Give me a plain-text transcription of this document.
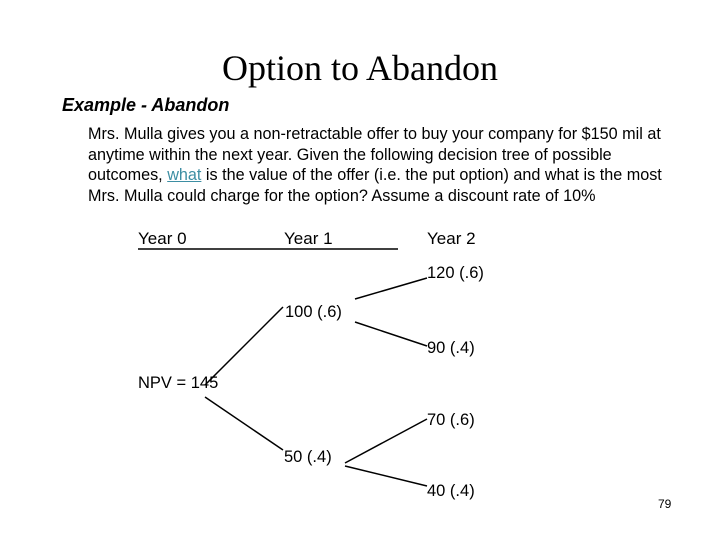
Option to Abandon
Example - Abandon

Mrs. Mulla gives you a non-retractable offer to buy your company for $150 mil at anytime within the next year. Given the following decision tree of possible outcomes, what is the value of the offer (i.e. the put option) and what is the most Mrs. Mulla could charge for the option? Assume a discount rate of 10%

Year 0	Year 1	Year 2
120 (.6)
100 (.6)
90 (.4)
NPV = 145
70 (.6)
50 (.4)
40 (.4)
79
